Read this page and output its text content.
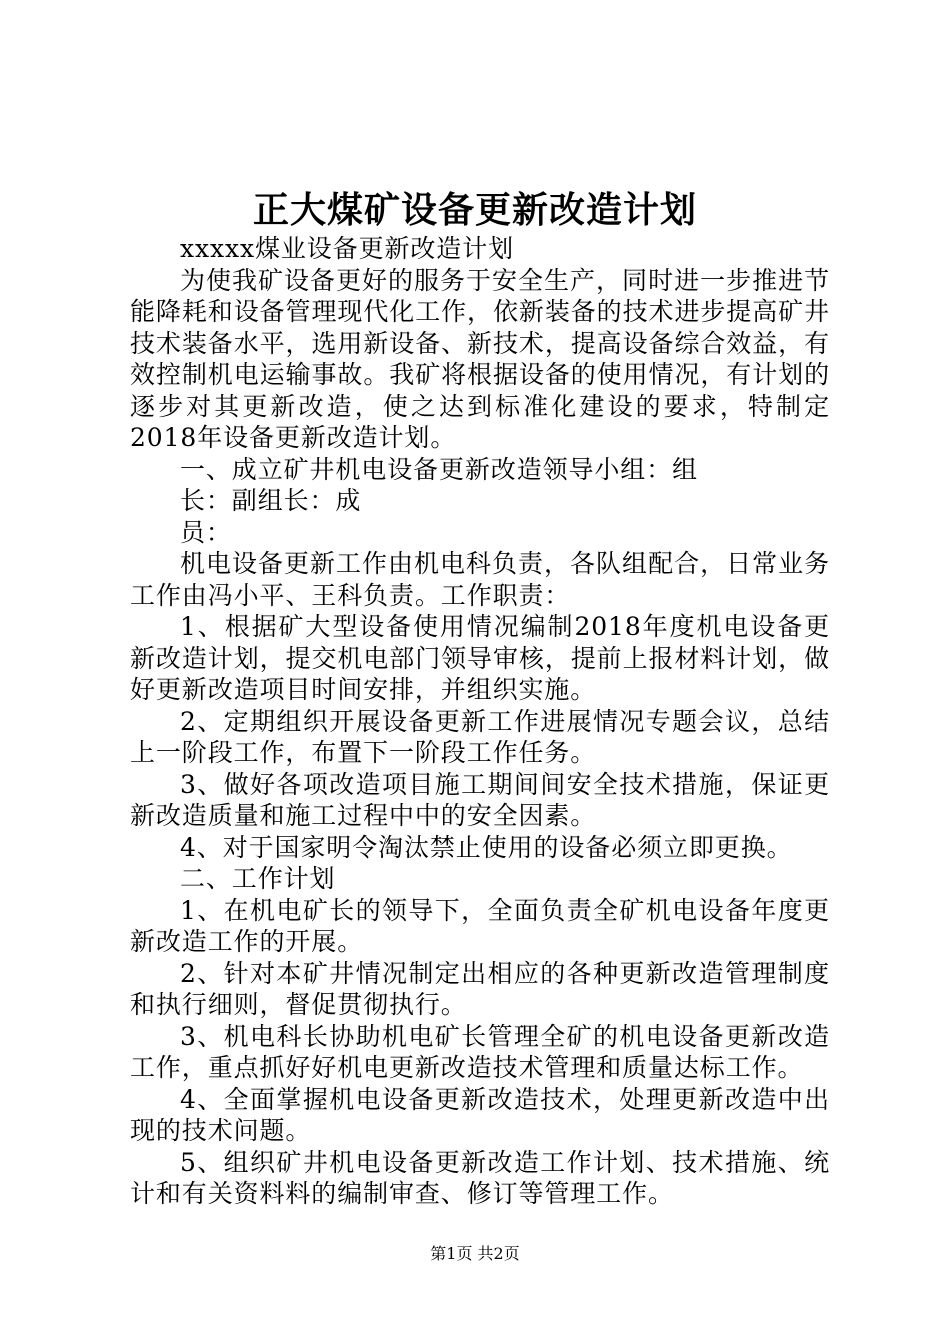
正大煤矿设备更新改造计划

xxxxx煤业设备更新改造计划

为使我矿设备更好的服务于安全生产，同时进一步推进节能降耗和设备管理现代化工作，依新装备的技术进步提高矿井技术装备水平，选用新设备、新技术，提高设备综合效益，有效控制机电运输事故。我矿将根据设备的使用情况，有计划的逐步对其更新改造，使之达到标准化建设的要求，特制定2018年设备更新改造计划。

一、成立矿井机电设备更新改造领导小组：组

长：副组长：成

员：

机电设备更新工作由机电科负责，各队组配合，日常业务工作由冯小平、王科负责。工作职责：

1、根据矿大型设备使用情况编制2018年度机电设备更新改造计划，提交机电部门领导审核，提前上报材料计划，做好更新改造项目时间安排，并组织实施。

2、定期组织开展设备更新工作进展情况专题会议，总结上一阶段工作，布置下一阶段工作任务。

3、做好各项改造项目施工期间间安全技术措施，保证更新改造质量和施工过程中中的安全因素。

4、对于国家明令淘汰禁止使用的设备必须立即更换。

二、工作计划

1、在机电矿长的领导下，全面负责全矿机电设备年度更新改造工作的开展。

2、针对本矿井情况制定出相应的各种更新改造管理制度和执行细则，督促贯彻执行。

3、机电科长协助机电矿长管理全矿的机电设备更新改造工作，重点抓好好机电更新改造技术管理和质量达标工作。

4、全面掌握机电设备更新改造技术，处理更新改造中出现的技术问题。

5、组织矿井机电设备更新改造工作计划、技术措施、统计和有关资料料的编制审查、修订等管理工作。

第1页 共2页
